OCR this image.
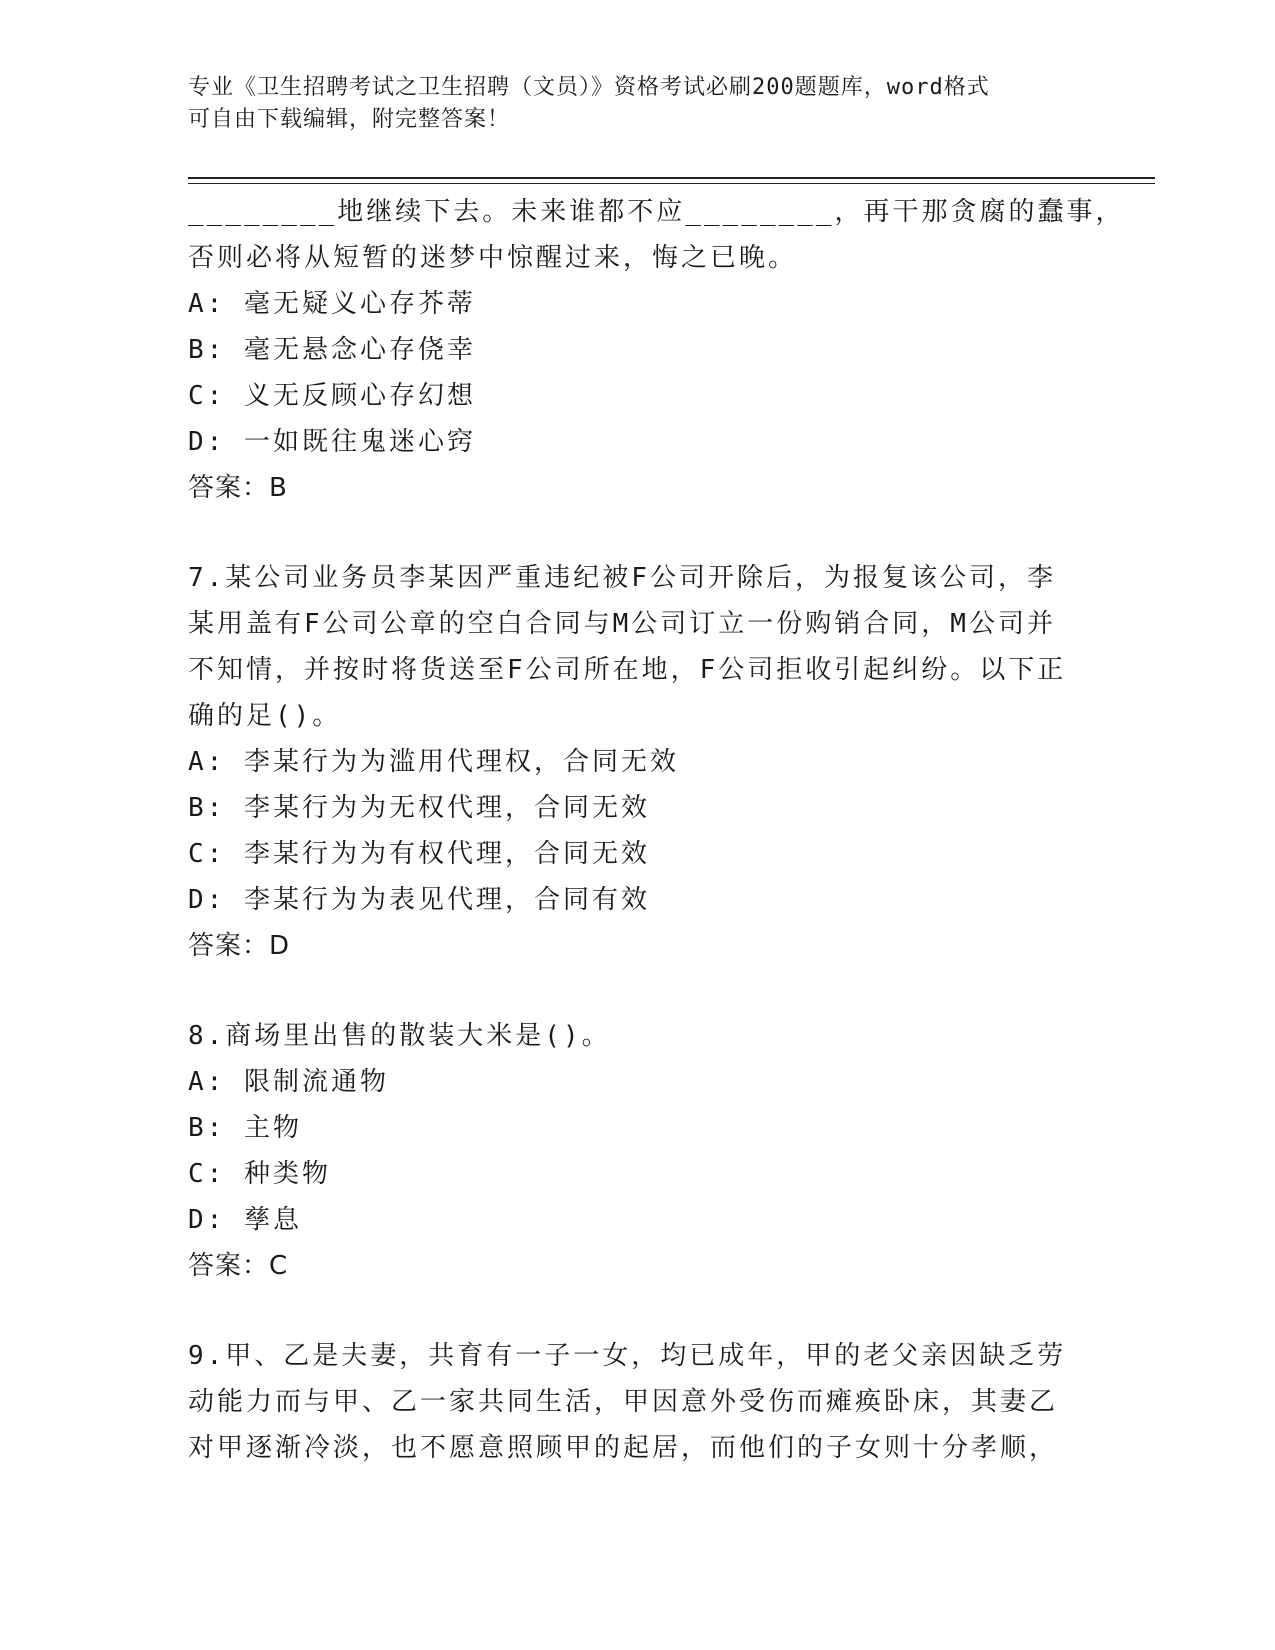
专业《卫生招聘考试之卫生招聘（文员）》资格考试必刷200题题库，word格式
可自由下载编辑，附完整答案！
________地继续下去。未来谁都不应________，再干那贪腐的蠢事，
否则必将从短暂的迷梦中惊醒过来，悔之已晚。
A: 毫无疑义心存芥蒂
B: 毫无悬念心存侥幸
C: 义无反顾心存幻想
D: 一如既往鬼迷心窍
答案：B
7.某公司业务员李某因严重违纪被F公司开除后，为报复该公司，李
某用盖有F公司公章的空白合同与M公司订立一份购销合同，M公司并
不知情，并按时将货送至F公司所在地，F公司拒收引起纠纷。以下正
确的足()。
A: 李某行为为滥用代理权，合同无效
B: 李某行为为无权代理，合同无效
C: 李某行为为有权代理，合同无效
D: 李某行为为表见代理，合同有效
答案：D
8.商场里出售的散装大米是()。
A: 限制流通物
B: 主物
C: 种类物
D: 孳息
答案：C
9.甲、乙是夫妻，共育有一子一女，均已成年，甲的老父亲因缺乏劳
动能力而与甲、乙一家共同生活，甲因意外受伤而瘫痪卧床，其妻乙
对甲逐渐冷淡，也不愿意照顾甲的起居，而他们的子女则十分孝顺，
